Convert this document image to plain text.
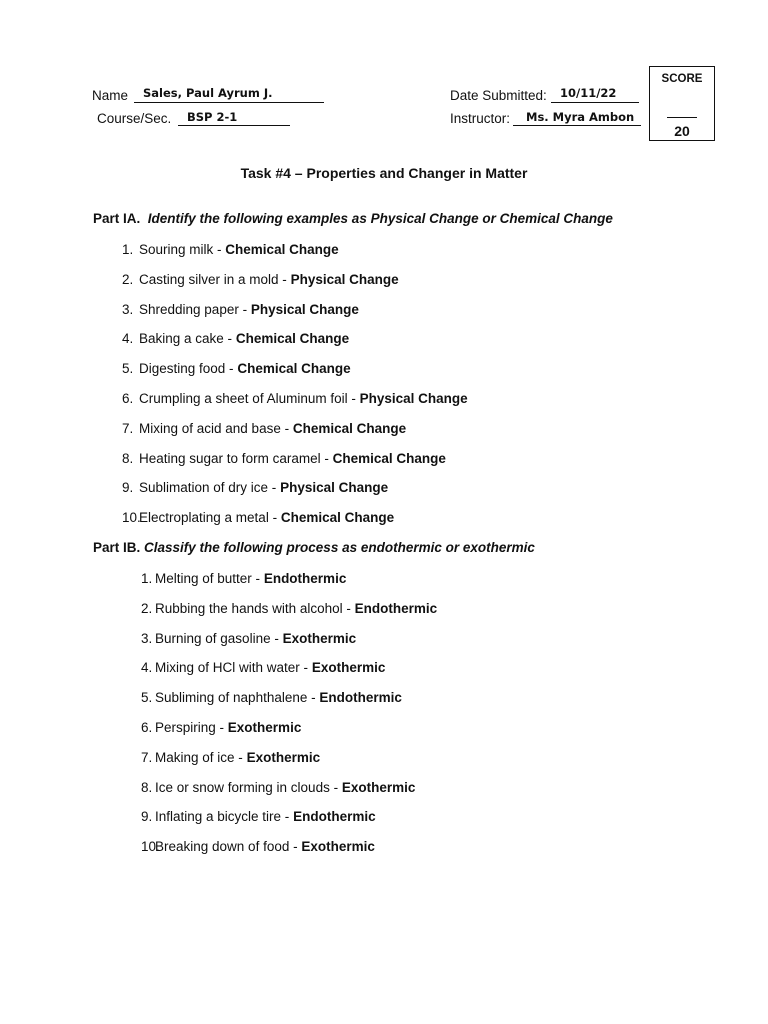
Name Sales, Paul Ayrum J.
Course/Sec. BSP 2-1
Date Submitted: 10/11/22
Instructor: Ms. Myra Ambon
SCORE
20
Task #4 – Properties and Changer in Matter
Part IA. Identify the following examples as Physical Change or Chemical Change
1. Souring milk - Chemical Change
2. Casting silver in a mold - Physical Change
3. Shredding paper - Physical Change
4. Baking a cake - Chemical Change
5. Digesting food - Chemical Change
6. Crumpling a sheet of Aluminum foil - Physical Change
7. Mixing of acid and base - Chemical Change
8. Heating sugar to form caramel - Chemical Change
9. Sublimation of dry ice - Physical Change
10.Electroplating a metal - Chemical Change
Part IB. Classify the following process as endothermic or exothermic
1. Melting of butter - Endothermic
2. Rubbing the hands with alcohol - Endothermic
3. Burning of gasoline - Exothermic
4. Mixing of HCl with water - Exothermic
5. Subliming of naphthalene - Endothermic
6. Perspiring - Exothermic
7. Making of ice - Exothermic
8. Ice or snow forming in clouds - Exothermic
9. Inflating a bicycle tire - Endothermic
10.Breaking down of food - Exothermic
